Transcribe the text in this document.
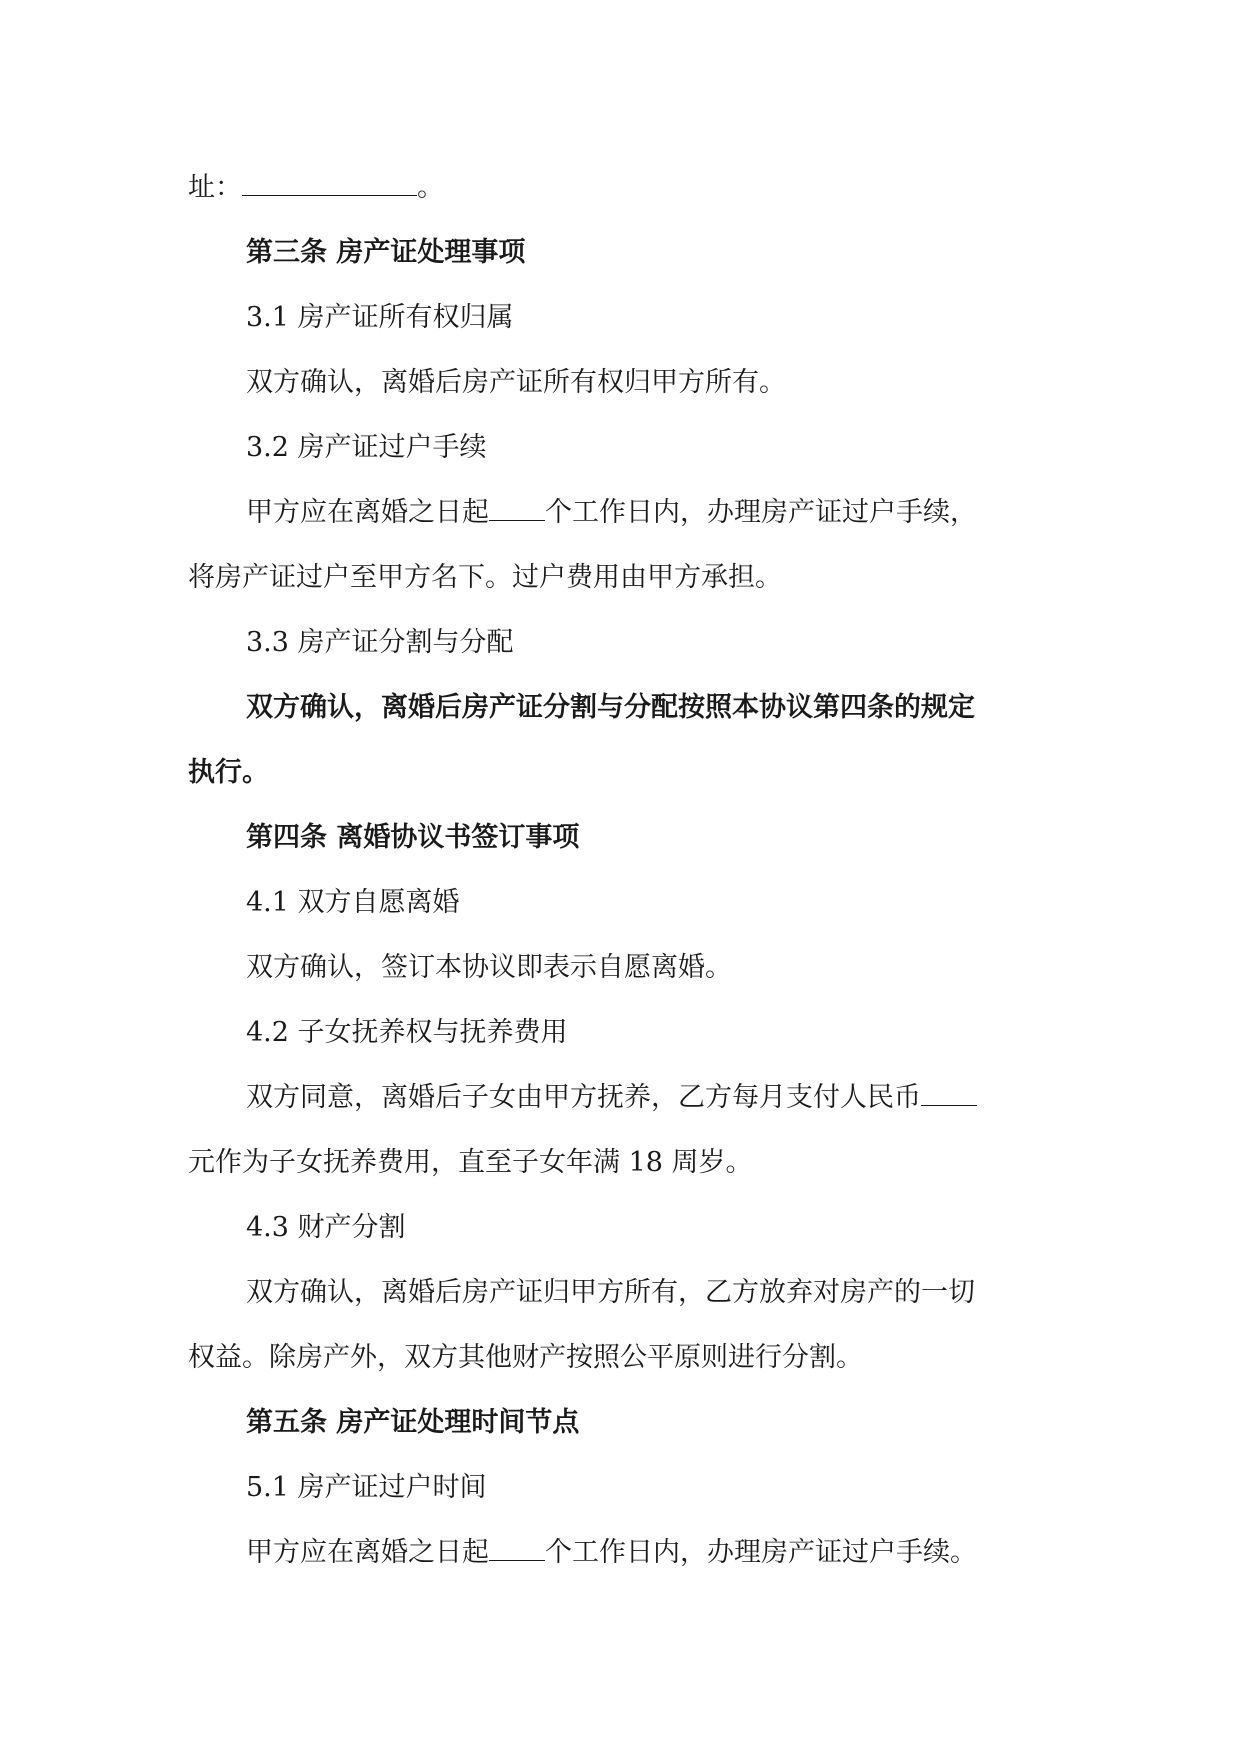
址：	。

第三条 房产证处理事项

3.1 房产证所有权归属

双方确认，离婚后房产证所有权归甲方所有。

3.2 房产证过户手续

甲方应在离婚之日起 个工作日内，办理房产证过户手续，

将房产证过户至甲方名下。过户费用由甲方承担。

3.3 房产证分割与分配

双方确认，离婚后房产证分割与分配按照本协议第四条的规定

执行。

第四条 离婚协议书签订事项

4.1 双方自愿离婚

双方确认，签订本协议即表示自愿离婚。

4.2 子女抚养权与抚养费用

双方同意，离婚后子女由甲方抚养，乙方每月支付人民币

元作为子女抚养费用，直至子女年满 18 周岁。

4.3 财产分割

双方确认，离婚后房产证归甲方所有，乙方放弃对房产的一切

权益。除房产外，双方其他财产按照公平原则进行分割。

第五条 房产证处理时间节点

5.1 房产证过户时间

甲方应在离婚之日起 个工作日内，办理房产证过户手续。
